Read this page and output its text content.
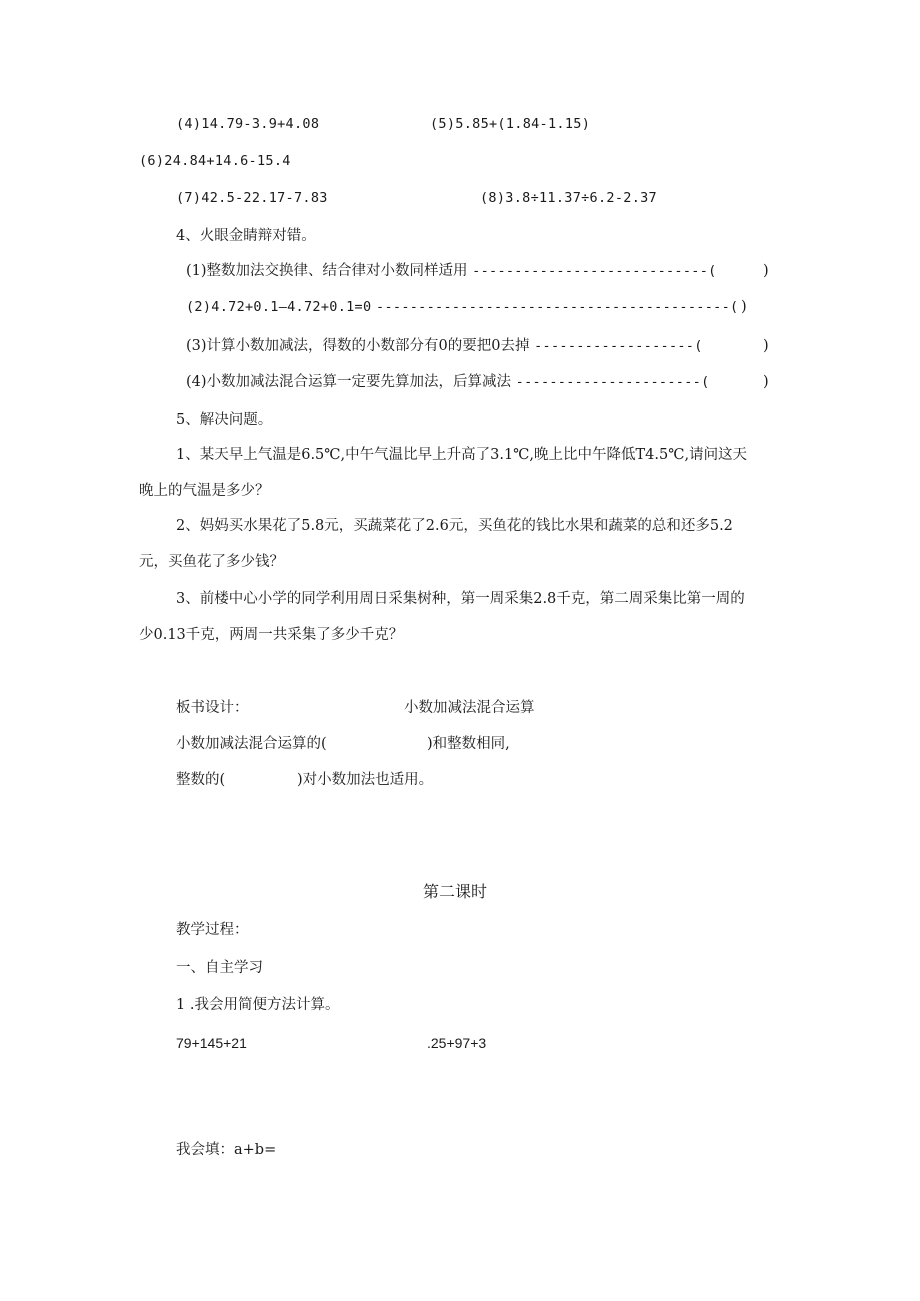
(4)14.79-3.9+4.08	(5)5.85+(1.84-1.15)
(6)24.84+14.6-15.4
(7)42.5-22.17-7.83	(8)3.8÷11.37÷6.2-2.37
4、火眼金睛辩对错。
(1)整数加法交换律、结合律对小数同样适用 ----------------------------(	)
(2)4.72+0.1—4.72+0.1=0 ------------------------------------------( )
(3)计算小数加减法，得数的小数部分有0的要把0去掉 -------------------(	)
(4)小数加减法混合运算一定要先算加法，后算减法 ----------------------(	)
5、解决问题。
1、某天早上气温是6.5℃,中午气温比早上升高了3.1℃,晚上比中午降低T4.5℃,请问这天
晚上的气温是多少？
2、妈妈买水果花了5.8元，买蔬菜花了2.6元，买鱼花的钱比水果和蔬菜的总和还多5.2
元，买鱼花了多少钱？
3、前楼中心小学的同学利用周日采集树种，第一周采集2.8千克，第二周采集比第一周的
少0.13千克，两周一共采集了多少千克？
板书设计：	小数加减法混合运算
小数加减法混合运算的(	)和整数相同,
整数的(	)对小数加法也适用。
第二课时
教学过程：
一、自主学习
1 .我会用简便方法计算。
79+145+21	.25+97+3
我会填：a+b=
